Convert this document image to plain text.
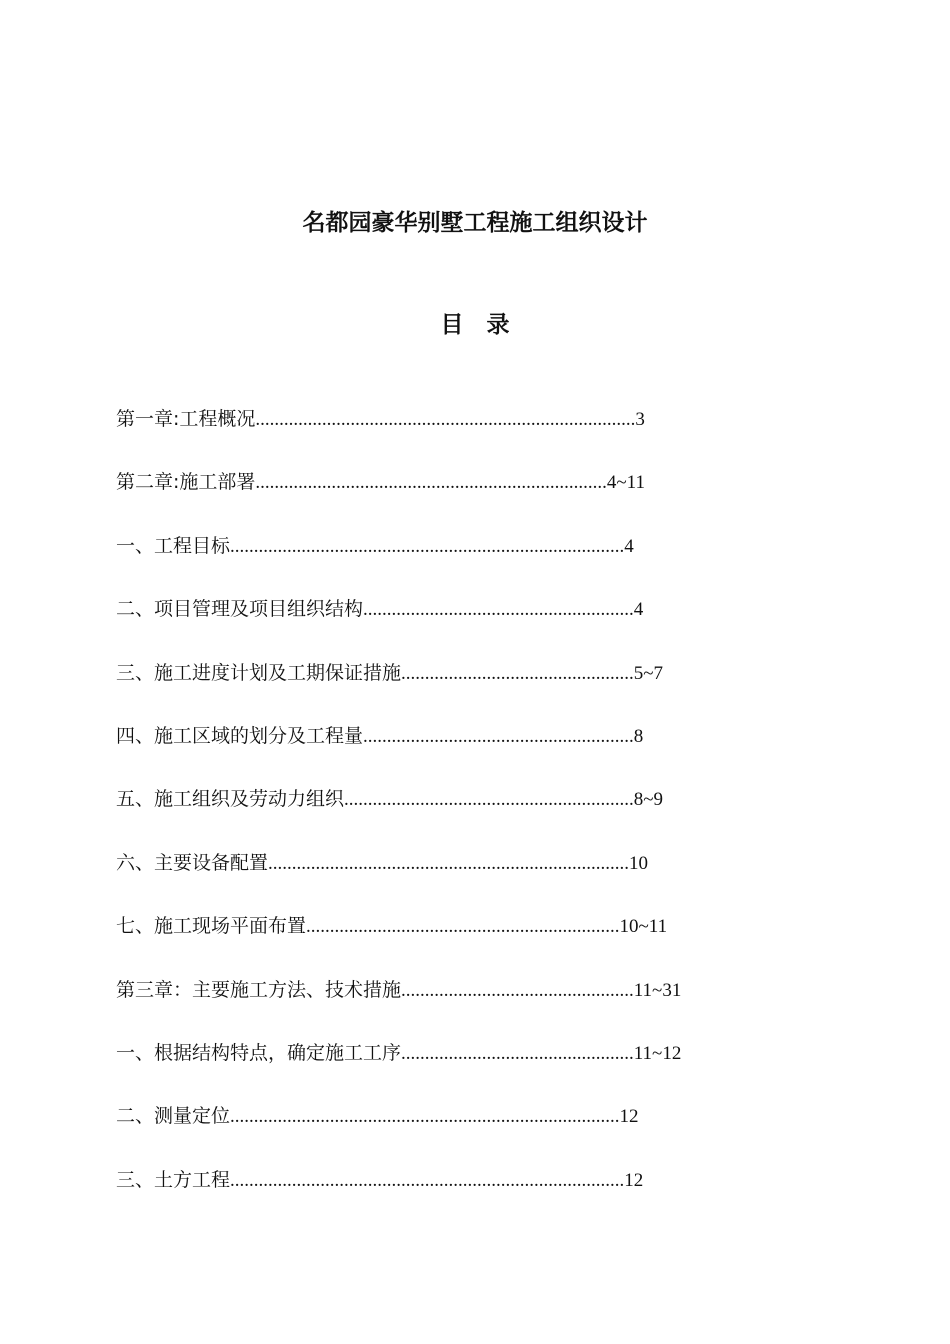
名都园豪华别墅工程施工组织设计
目　录
第一章:工程概况................................................................................3
第二章:施工部署..........................................................................4~11
一、工程目标...................................................................................4
二、项目管理及项目组织结构.........................................................4
三、施工进度计划及工期保证措施.................................................5~7
四、施工区域的划分及工程量.........................................................8
五、施工组织及劳动力组织.............................................................8~9
六、主要设备配置............................................................................10
七、施工现场平面布置..................................................................10~11
第三章：主要施工方法、技术措施.................................................11~31
一、根据结构特点，确定施工工序.................................................11~12
二、测量定位..................................................................................12
三、土方工程...................................................................................12
